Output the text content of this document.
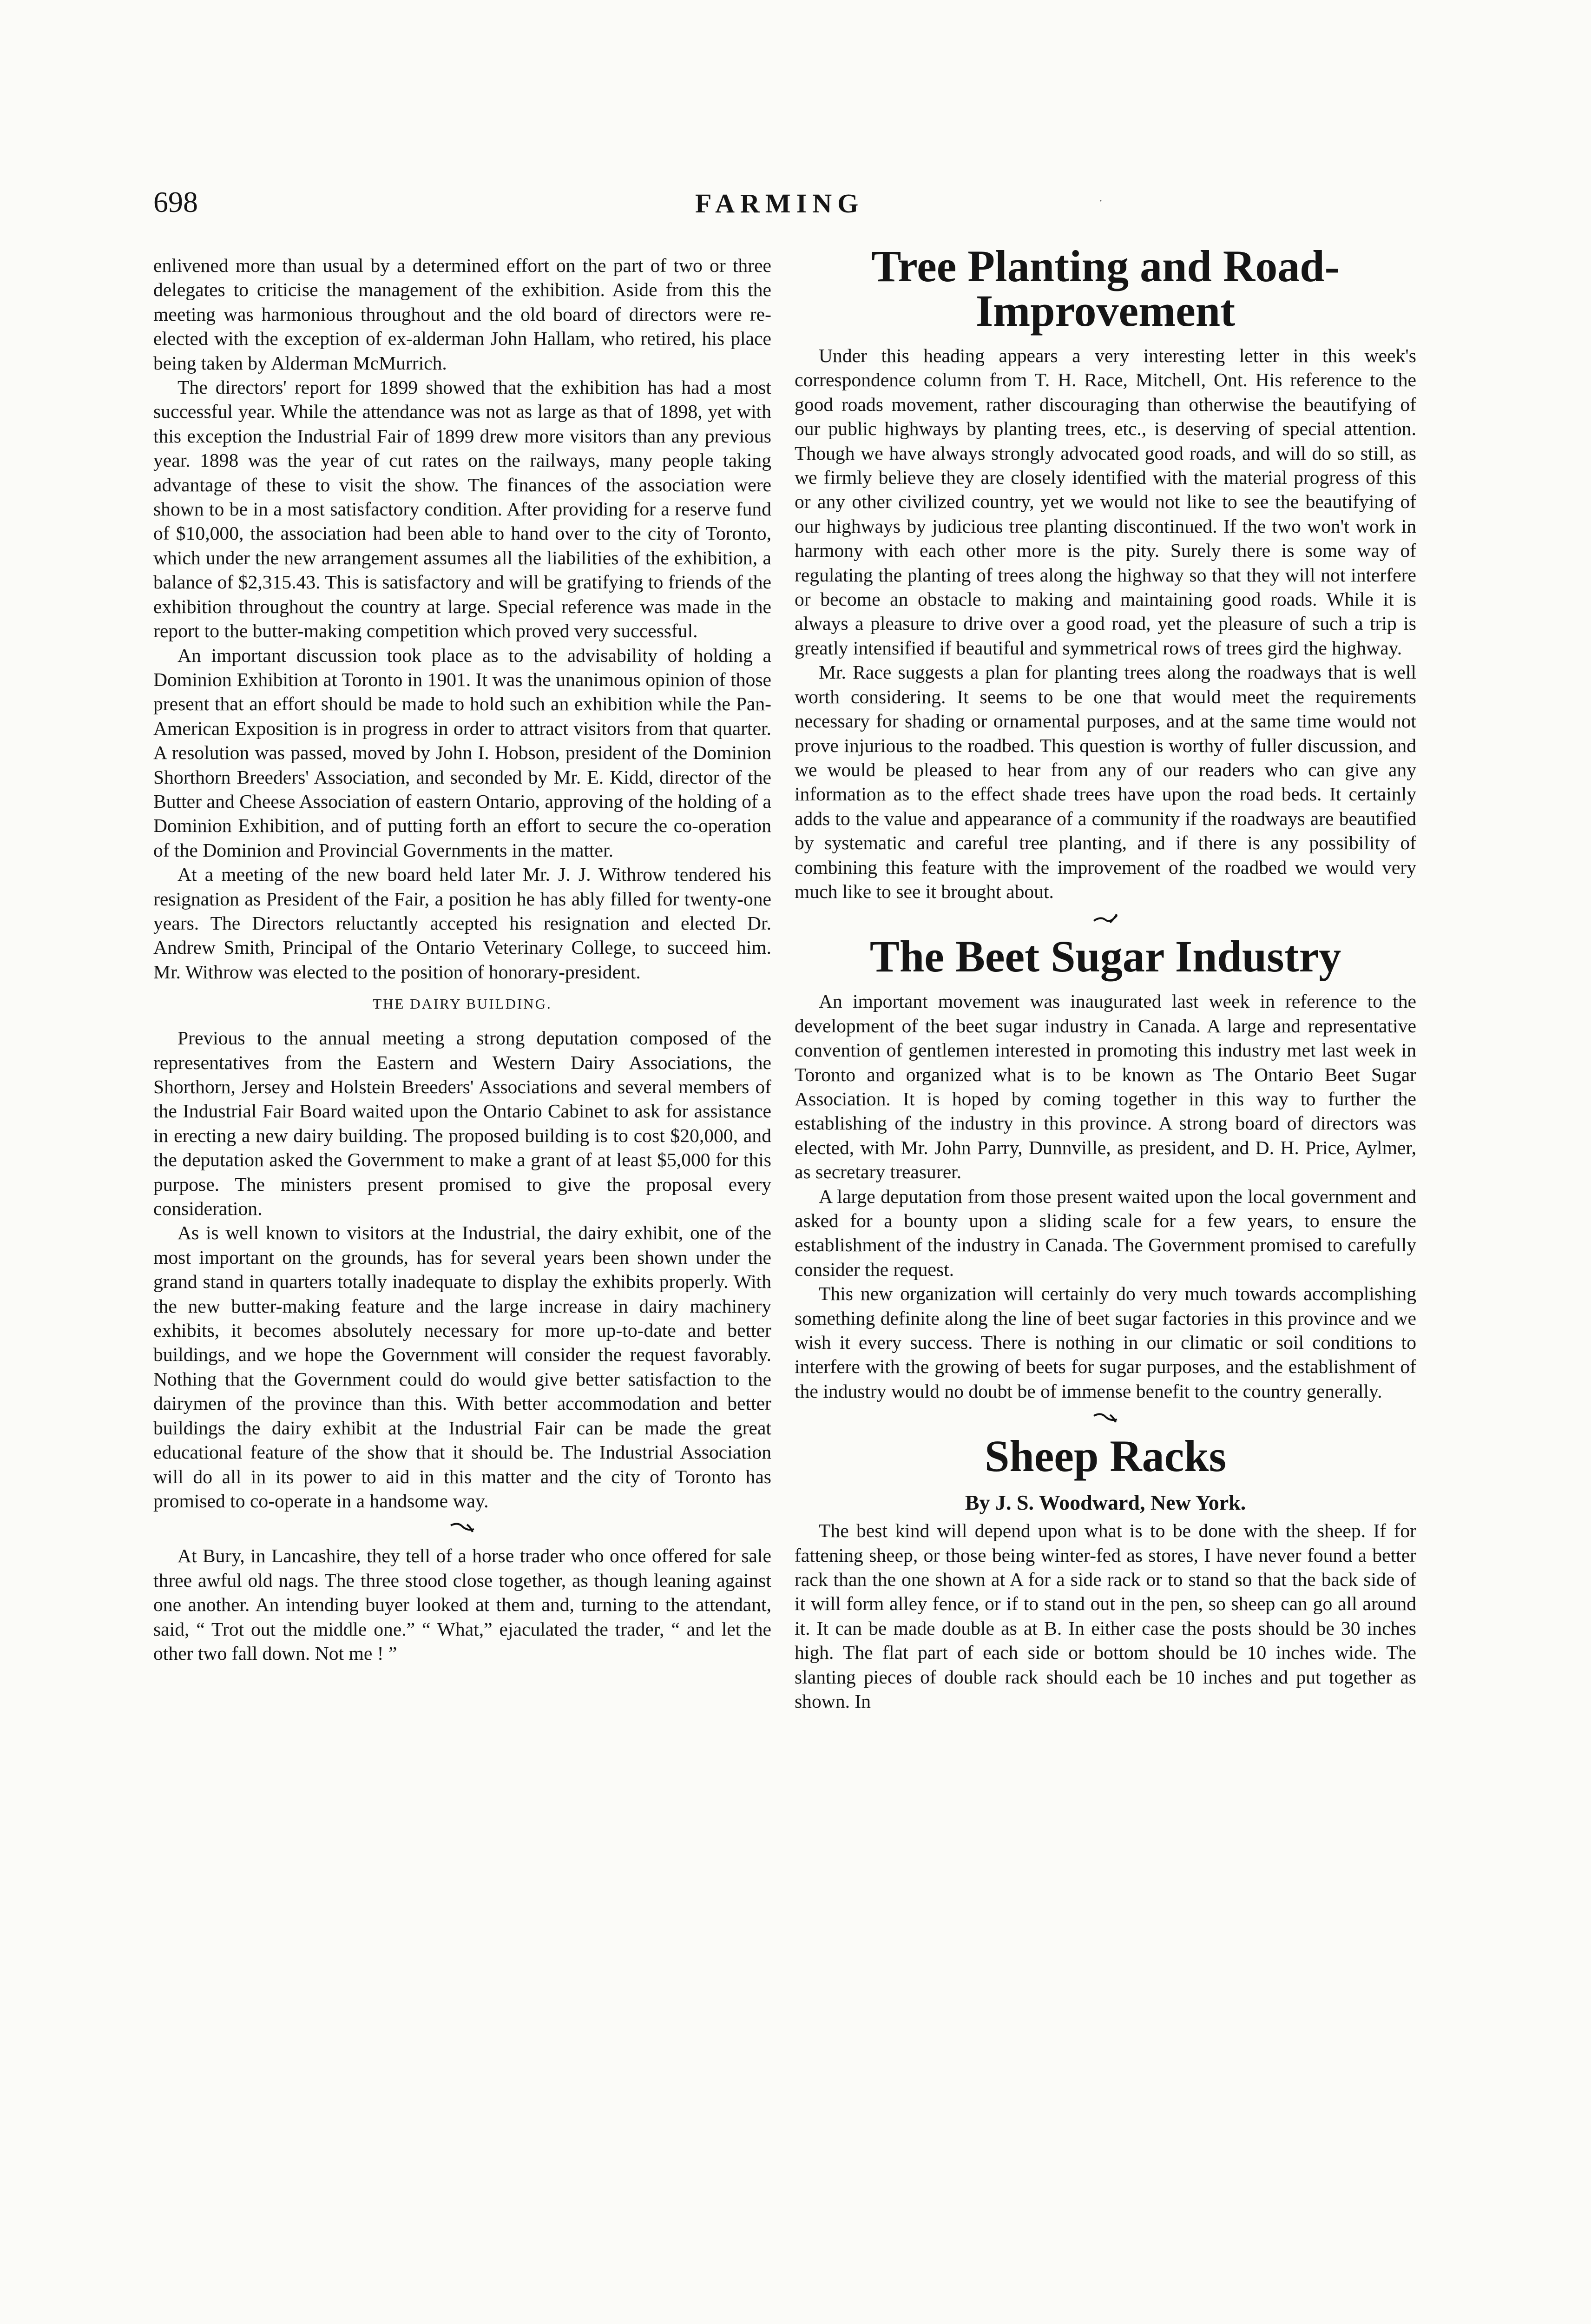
698	FARMING	·

enlivened more than usual by a determined effort on the part of two or three delegates to criticise the management of the exhibition. Aside from this the meeting was harmonious throughout and the old board of directors were re-elected with the exception of ex-alderman John Hallam, who retired, his place being taken by Alderman McMurrich.

The directors' report for 1899 showed that the exhibition has had a most successful year. While the attendance was not as large as that of 1898, yet with this exception the Industrial Fair of 1899 drew more visitors than any previous year. 1898 was the year of cut rates on the railways, many people taking advantage of these to visit the show. The finances of the association were shown to be in a most satisfactory condition. After providing for a reserve fund of $10,000, the association had been able to hand over to the city of Toronto, which under the new arrangement assumes all the liabilities of the exhibition, a balance of $2,315.43. This is satisfactory and will be gratifying to friends of the exhibition throughout the country at large. Special reference was made in the report to the butter-making competition which proved very successful.

An important discussion took place as to the advisability of holding a Dominion Exhibition at Toronto in 1901. It was the unanimous opinion of those present that an effort should be made to hold such an exhibition while the Pan-American Exposition is in progress in order to attract visitors from that quarter. A resolution was passed, moved by John I. Hobson, president of the Dominion Shorthorn Breeders' Association, and seconded by Mr. E. Kidd, director of the Butter and Cheese Association of eastern Ontario, approving of the holding of a Dominion Exhibition, and of putting forth an effort to secure the co-operation of the Dominion and Provincial Governments in the matter.

At a meeting of the new board held later Mr. J. J. Withrow tendered his resignation as President of the Fair, a position he has ably filled for twenty-one years. The Directors reluctantly accepted his resignation and elected Dr. Andrew Smith, Principal of the Ontario Veterinary College, to succeed him. Mr. Withrow was elected to the position of honorary-president.

THE DAIRY BUILDING.

Previous to the annual meeting a strong deputation composed of the representatives from the Eastern and Western Dairy Associations, the Shorthorn, Jersey and Holstein Breeders' Associations and several members of the Industrial Fair Board waited upon the Ontario Cabinet to ask for assistance in erecting a new dairy building. The proposed building is to cost $20,000, and the deputation asked the Government to make a grant of at least $5,000 for this purpose. The ministers present promised to give the proposal every consideration.

As is well known to visitors at the Industrial, the dairy exhibit, one of the most important on the grounds, has for several years been shown under the grand stand in quarters totally inadequate to display the exhibits properly. With the new butter-making feature and the large increase in dairy machinery exhibits, it becomes absolutely necessary for more up-to-date and better buildings, and we hope the Government will consider the request favorably. Nothing that the Government could do would give better satisfaction to the dairymen of the province than this. With better accommodation and better buildings the dairy exhibit at the Industrial Fair can be made the great educational feature of the show that it should be. The Industrial Association will do all in its power to aid in this matter and the city of Toronto has promised to co-operate in a handsome way.

At Bury, in Lancashire, they tell of a horse trader who once offered for sale three awful old nags. The three stood close together, as though leaning against one another. An intending buyer looked at them and, turning to the attendant, said, “ Trot out the middle one.” “ What,” ejaculated the trader, “ and let the other two fall down. Not me ! ”

Tree Planting and Road-Improvement

Under this heading appears a very interesting letter in this week's correspondence column from T. H. Race, Mitchell, Ont. His reference to the good roads movement, rather discouraging than otherwise the beautifying of our public highways by planting trees, etc., is deserving of special attention. Though we have always strongly advocated good roads, and will do so still, as we firmly believe they are closely identified with the material progress of this or any other civilized country, yet we would not like to see the beautifying of our highways by judicious tree planting discontinued. If the two won't work in harmony with each other more is the pity. Surely there is some way of regulating the planting of trees along the highway so that they will not interfere or become an obstacle to making and maintaining good roads. While it is always a pleasure to drive over a good road, yet the pleasure of such a trip is greatly intensified if beautiful and symmetrical rows of trees gird the highway.

Mr. Race suggests a plan for planting trees along the roadways that is well worth considering. It seems to be one that would meet the requirements necessary for shading or ornamental purposes, and at the same time would not prove injurious to the roadbed. This question is worthy of fuller discussion, and we would be pleased to hear from any of our readers who can give any information as to the effect shade trees have upon the road beds. It certainly adds to the value and appearance of a community if the roadways are beautified by systematic and careful tree planting, and if there is any possibility of combining this feature with the improvement of the roadbed we would very much like to see it brought about.

The Beet Sugar Industry

An important movement was inaugurated last week in reference to the development of the beet sugar industry in Canada. A large and representative convention of gentlemen interested in promoting this industry met last week in Toronto and organized what is to be known as The Ontario Beet Sugar Association. It is hoped by coming together in this way to further the establishing of the industry in this province. A strong board of directors was elected, with Mr. John Parry, Dunnville, as president, and D. H. Price, Aylmer, as secretary treasurer.

A large deputation from those present waited upon the local government and asked for a bounty upon a sliding scale for a few years, to ensure the establishment of the industry in Canada. The Government promised to carefully consider the request.

This new organization will certainly do very much towards accomplishing something definite along the line of beet sugar factories in this province and we wish it every success. There is nothing in our climatic or soil conditions to interfere with the growing of beets for sugar purposes, and the establishment of the industry would no doubt be of immense benefit to the country generally.

Sheep Racks
By J. S. Woodward, New York.

The best kind will depend upon what is to be done with the sheep. If for fattening sheep, or those being winter-fed as stores, I have never found a better rack than the one shown at A for a side rack or to stand so that the back side of it will form alley fence, or if to stand out in the pen, so sheep can go all around it. It can be made double as at B. In either case the posts should be 30 inches high. The flat part of each side or bottom should be 10 inches wide. The slanting pieces of double rack should each be 10 inches and put together as shown. In
